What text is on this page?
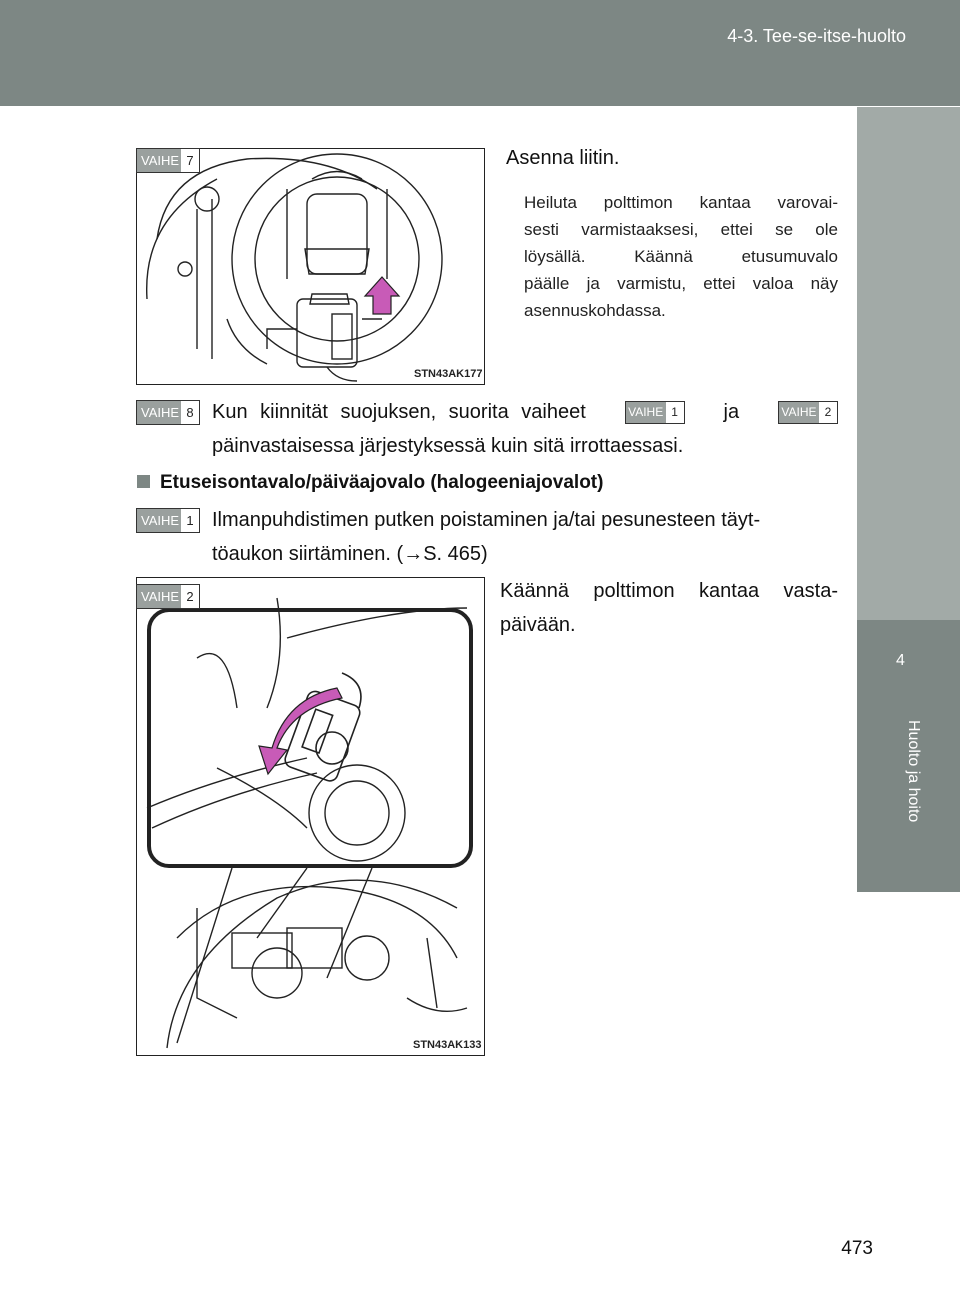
4-3. Tee-se-itse-huolto
4
Huolto ja hoito
STN43AK177
VAIHE 7	Asenna liitin.
Heiluta polttimon kantaa varovai-
sesti varmistaaksesi, ettei se ole
löysällä. Käännä etusumuvalo
päälle ja varmistu, ettei valoa näy
asennuskohdassa.
VAIHE 8 Kun kiinnität suojuksen, suorita vaiheet	VAIHE 1 ja	VAIHE 2
päinvastaisessa järjestyksessä kuin sitä irrottaessasi.
Etuseisontavalo/päiväajovalo (halogeeniajovalot)
VAIHE 1 Ilmanpuhdistimen putken poistaminen ja/tai pesunesteen täyt-
töaukon siirtäminen. (→S. 465)
STN43AK133
VAIHE 2	Käännä polttimon kantaa vasta-
päivään.
473
